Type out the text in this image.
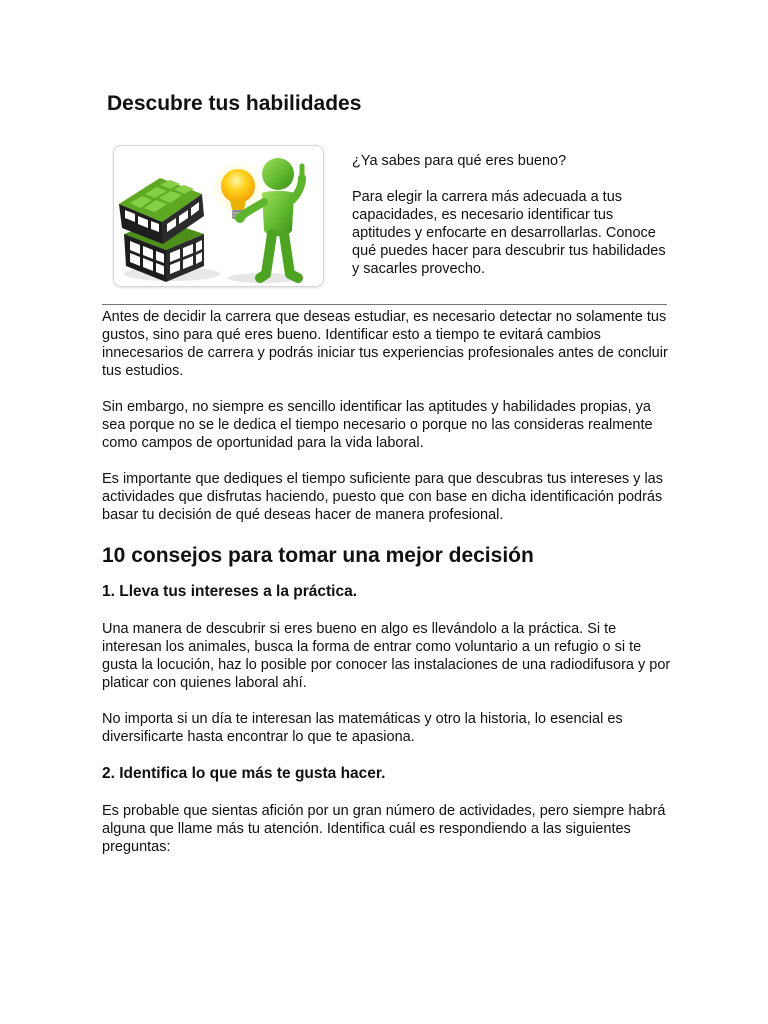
Descubre tus habilidades

¿Ya sabes para qué eres bueno?

Para elegir la carrera más adecuada a tus capacidades, es necesario identificar tus aptitudes y enfocarte en desarrollarlas. Conoce qué puedes hacer para descubrir tus habilidades y sacarles provecho.

Antes de decidir la carrera que deseas estudiar, es necesario detectar no solamente tus gustos, sino para qué eres bueno. Identificar esto a tiempo te evitará cambios innecesarios de carrera y podrás iniciar tus experiencias profesionales antes de concluir tus estudios.

Sin embargo, no siempre es sencillo identificar las aptitudes y habilidades propias, ya sea porque no se le dedica el tiempo necesario o porque no las consideras realmente como campos de oportunidad para la vida laboral.

Es importante que dediques el tiempo suficiente para que descubras tus intereses y las actividades que disfrutas haciendo, puesto que con base en dicha identificación podrás basar tu decisión de qué deseas hacer de manera profesional.

10 consejos para tomar una mejor decisión
1. Lleva tus intereses a la práctica.

Una manera de descubrir si eres bueno en algo es llevándolo a la práctica. Si te interesan los animales, busca la forma de entrar como voluntario a un refugio o si te gusta la locución, haz lo posible por conocer las instalaciones de una radiodifusora y por platicar con quienes laboral ahí.

No importa si un día te interesan las matemáticas y otro la historia, lo esencial es diversificarte hasta encontrar lo que te apasiona.

2. Identifica lo que más te gusta hacer.

Es probable que sientas afición por un gran número de actividades, pero siempre habrá alguna que llame más tu atención. Identifica cuál es respondiendo a las siguientes preguntas:
